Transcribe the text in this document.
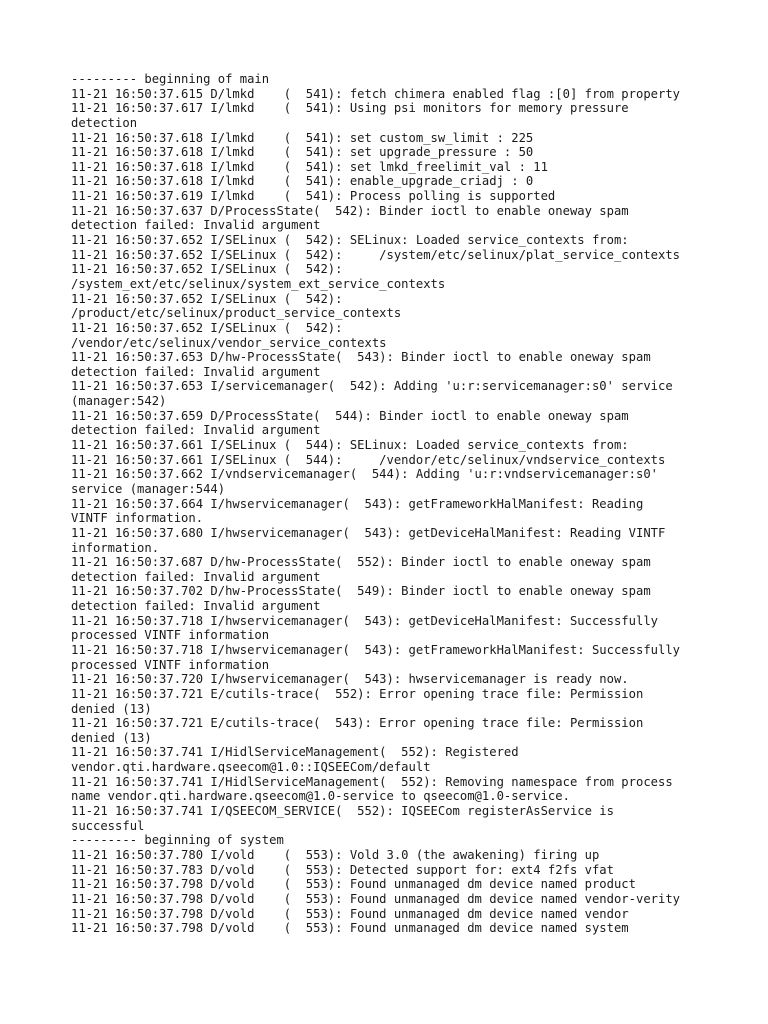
--------- beginning of main
11-21 16:50:37.615 D/lmkd    (  541): fetch chimera enabled flag :[0] from property
11-21 16:50:37.617 I/lmkd    (  541): Using psi monitors for memory pressure
detection
11-21 16:50:37.618 I/lmkd    (  541): set custom_sw_limit : 225
11-21 16:50:37.618 I/lmkd    (  541): set upgrade_pressure : 50
11-21 16:50:37.618 I/lmkd    (  541): set lmkd_freelimit_val : 11
11-21 16:50:37.618 I/lmkd    (  541): enable_upgrade_criadj : 0
11-21 16:50:37.619 I/lmkd    (  541): Process polling is supported
11-21 16:50:37.637 D/ProcessState(  542): Binder ioctl to enable oneway spam
detection failed: Invalid argument
11-21 16:50:37.652 I/SELinux (  542): SELinux: Loaded service_contexts from:
11-21 16:50:37.652 I/SELinux (  542):     /system/etc/selinux/plat_service_contexts
11-21 16:50:37.652 I/SELinux (  542):
/system_ext/etc/selinux/system_ext_service_contexts
11-21 16:50:37.652 I/SELinux (  542):
/product/etc/selinux/product_service_contexts
11-21 16:50:37.652 I/SELinux (  542):
/vendor/etc/selinux/vendor_service_contexts
11-21 16:50:37.653 D/hw-ProcessState(  543): Binder ioctl to enable oneway spam
detection failed: Invalid argument
11-21 16:50:37.653 I/servicemanager(  542): Adding 'u:r:servicemanager:s0' service
(manager:542)
11-21 16:50:37.659 D/ProcessState(  544): Binder ioctl to enable oneway spam
detection failed: Invalid argument
11-21 16:50:37.661 I/SELinux (  544): SELinux: Loaded service_contexts from:
11-21 16:50:37.661 I/SELinux (  544):     /vendor/etc/selinux/vndservice_contexts
11-21 16:50:37.662 I/vndservicemanager(  544): Adding 'u:r:vndservicemanager:s0'
service (manager:544)
11-21 16:50:37.664 I/hwservicemanager(  543): getFrameworkHalManifest: Reading
VINTF information.
11-21 16:50:37.680 I/hwservicemanager(  543): getDeviceHalManifest: Reading VINTF
information.
11-21 16:50:37.687 D/hw-ProcessState(  552): Binder ioctl to enable oneway spam
detection failed: Invalid argument
11-21 16:50:37.702 D/hw-ProcessState(  549): Binder ioctl to enable oneway spam
detection failed: Invalid argument
11-21 16:50:37.718 I/hwservicemanager(  543): getDeviceHalManifest: Successfully
processed VINTF information
11-21 16:50:37.718 I/hwservicemanager(  543): getFrameworkHalManifest: Successfully
processed VINTF information
11-21 16:50:37.720 I/hwservicemanager(  543): hwservicemanager is ready now.
11-21 16:50:37.721 E/cutils-trace(  552): Error opening trace file: Permission
denied (13)
11-21 16:50:37.721 E/cutils-trace(  543): Error opening trace file: Permission
denied (13)
11-21 16:50:37.741 I/HidlServiceManagement(  552): Registered
vendor.qti.hardware.qseecom@1.0::IQSEECom/default
11-21 16:50:37.741 I/HidlServiceManagement(  552): Removing namespace from process
name vendor.qti.hardware.qseecom@1.0-service to qseecom@1.0-service.
11-21 16:50:37.741 I/QSEECOM_SERVICE(  552): IQSEECom registerAsService is
successful
--------- beginning of system
11-21 16:50:37.780 I/vold    (  553): Vold 3.0 (the awakening) firing up
11-21 16:50:37.783 D/vold    (  553): Detected support for: ext4 f2fs vfat
11-21 16:50:37.798 D/vold    (  553): Found unmanaged dm device named product
11-21 16:50:37.798 D/vold    (  553): Found unmanaged dm device named vendor-verity
11-21 16:50:37.798 D/vold    (  553): Found unmanaged dm device named vendor
11-21 16:50:37.798 D/vold    (  553): Found unmanaged dm device named system
